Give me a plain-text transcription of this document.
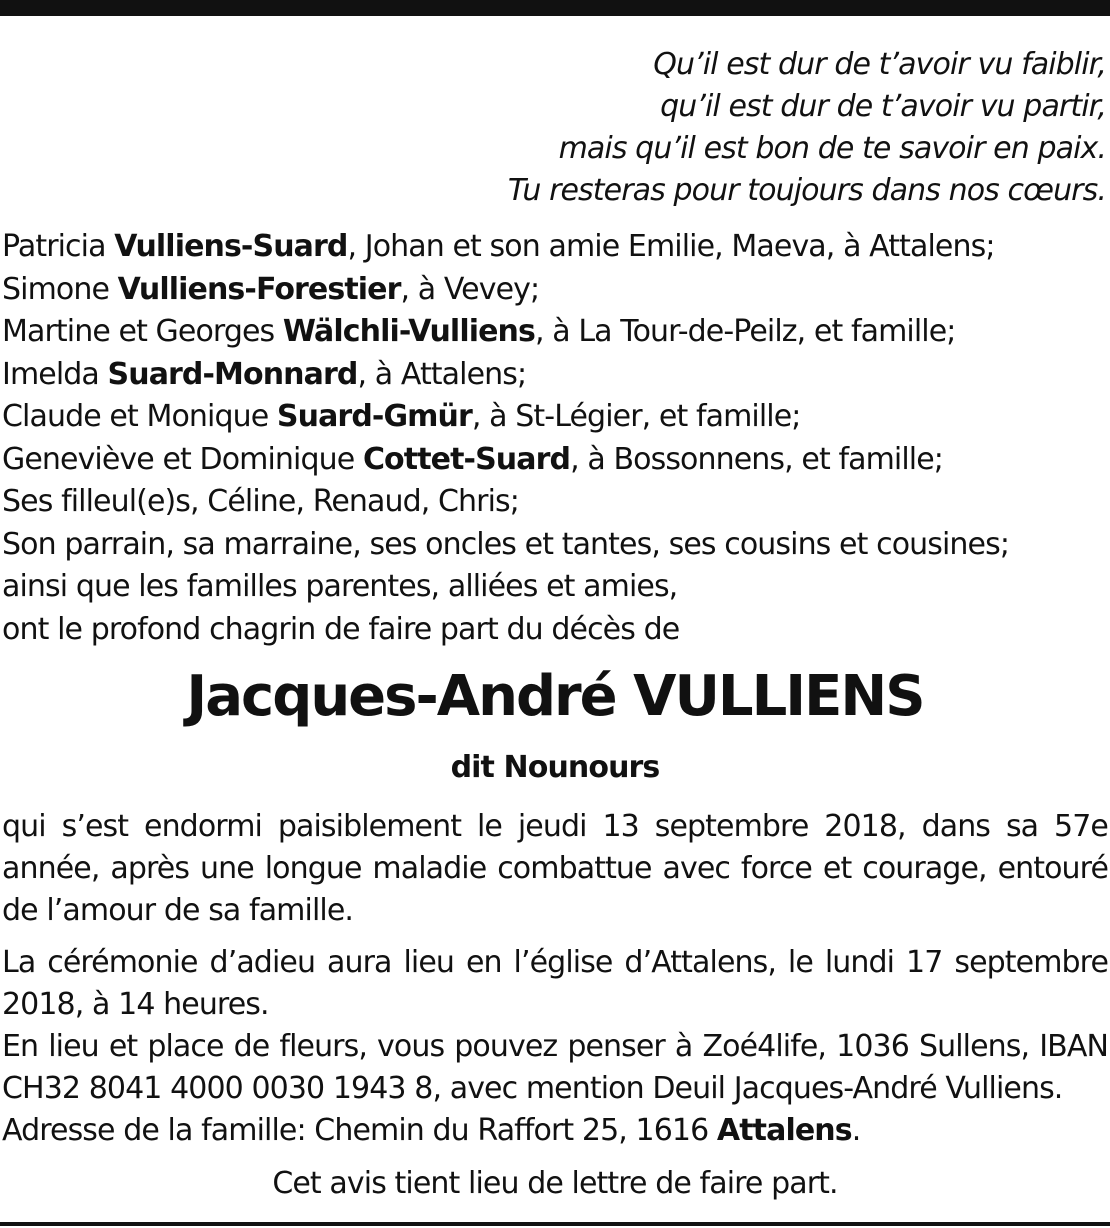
Qu’il est dur de t’avoir vu faiblir,
qu’il est dur de t’avoir vu partir,
mais qu’il est bon de te savoir en paix.
Tu resteras pour toujours dans nos cœurs.
Patricia Vulliens-Suard, Johan et son amie Emilie, Maeva, à Attalens;
Simone Vulliens-Forestier, à Vevey;
Martine et Georges Wälchli-Vulliens, à La Tour-de-Peilz, et famille;
Imelda Suard-Monnard, à Attalens;
Claude et Monique Suard-Gmür, à St-Légier, et famille;
Geneviève et Dominique Cottet-Suard, à Bossonnens, et famille;
Ses filleul(e)s, Céline, Renaud, Chris;
Son parrain, sa marraine, ses oncles et tantes, ses cousins et cousines;
ainsi que les familles parentes, alliées et amies,
ont le profond chagrin de faire part du décès de
Jacques-André VULLIENS
dit Nounours
qui s’est endormi paisiblement le jeudi 13 septembre 2018, dans sa 57e année, après une longue maladie combattue avec force et courage, entouré de l’amour de sa famille.
La cérémonie d’adieu aura lieu en l’église d’Attalens, le lundi 17 septembre 2018, à 14 heures.
En lieu et place de fleurs, vous pouvez penser à Zoé4life, 1036 Sullens, IBAN CH32 8041 4000 0030 1943 8, avec mention Deuil Jacques-André Vulliens.
Adresse de la famille: Chemin du Raffort 25, 1616 Attalens.
Cet avis tient lieu de lettre de faire part.
